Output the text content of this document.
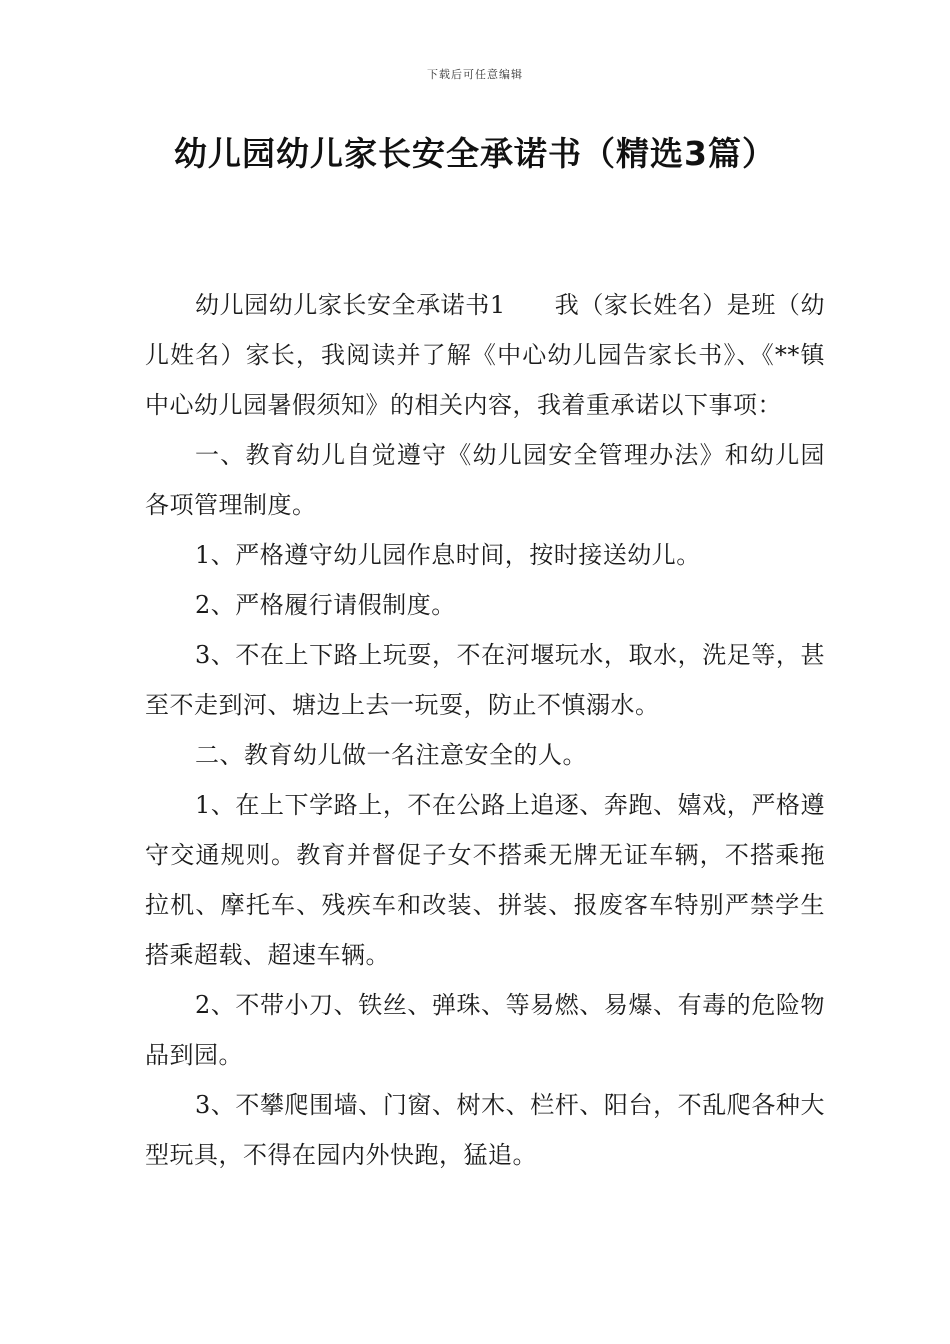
下载后可任意编辑
幼儿园幼儿家长安全承诺书（精选3篇）

幼儿园幼儿家长安全承诺书1　　我（家长姓名）是班（幼儿姓名）家长，我阅读并了解《中心幼儿园告家长书》、《**镇中心幼儿园暑假须知》的相关内容，我着重承诺以下事项：

一、教育幼儿自觉遵守《幼儿园安全管理办法》和幼儿园各项管理制度。

1、严格遵守幼儿园作息时间，按时接送幼儿。

2、严格履行请假制度。

3、不在上下路上玩耍，不在河堰玩水，取水，洗足等，甚至不走到河、塘边上去一玩耍，防止不慎溺水。

二、教育幼儿做一名注意安全的人。

1、在上下学路上，不在公路上追逐、奔跑、嬉戏，严格遵守交通规则。教育并督促子女不搭乘无牌无证车辆，不搭乘拖拉机、摩托车、残疾车和改装、拼装、报废客车特别严禁学生搭乘超载、超速车辆。

2、不带小刀、铁丝、弹珠、等易燃、易爆、有毒的危险物品到园。

3、不攀爬围墙、门窗、树木、栏杆、阳台，不乱爬各种大型玩具，不得在园内外快跑，猛追。
